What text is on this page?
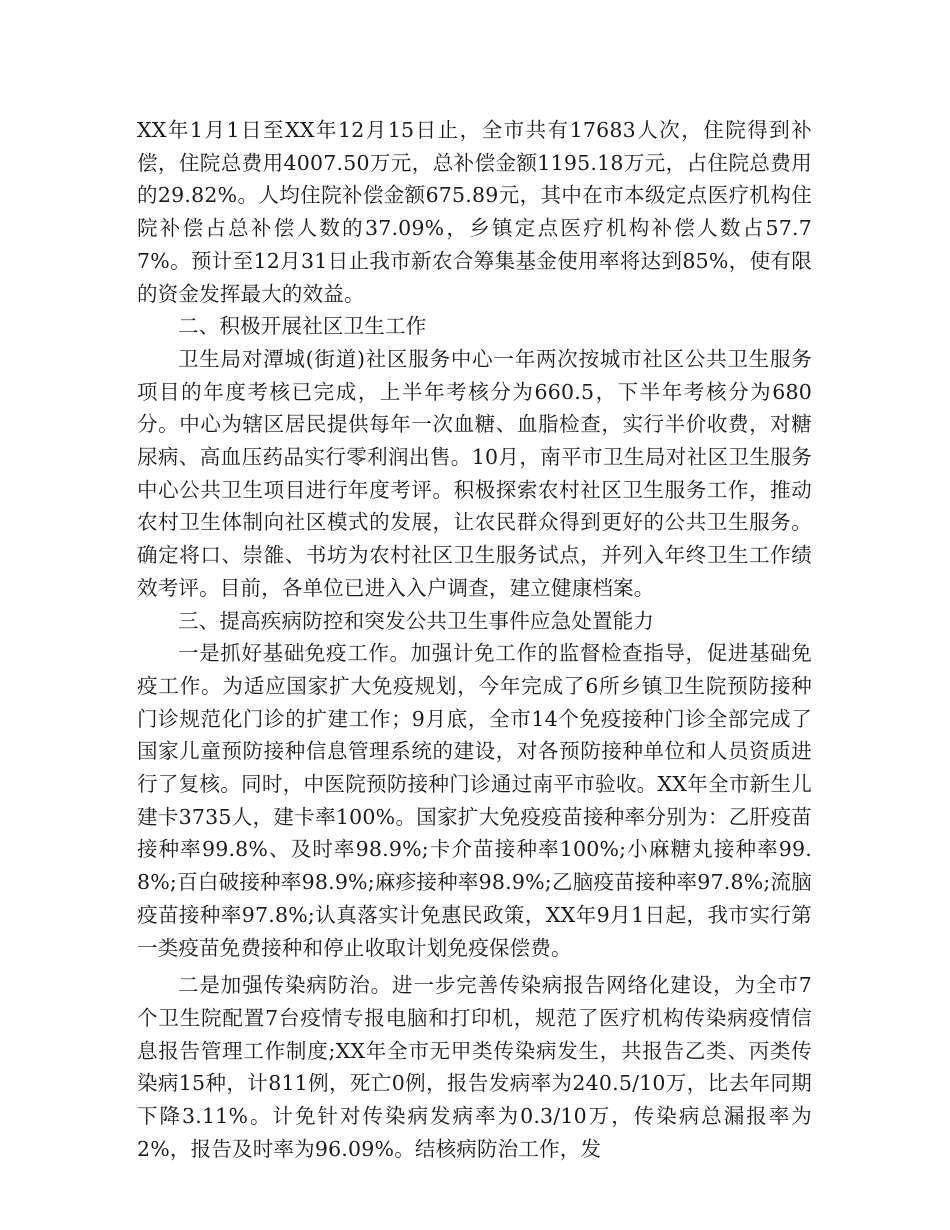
XX年1月1日至XX年12月15日止，全市共有17683人次，住院得到补偿，住院总费用4007.50万元，总补偿金额1195.18万元，占住院总费用的29.82%。人均住院补偿金额675.89元，其中在市本级定点医疗机构住院补偿占总补偿人数的37.09%，乡镇定点医疗机构补偿人数占57.77%。预计至12月31日止我市新农合筹集基金使用率将达到85%，使有限的资金发挥最大的效益。

二、积极开展社区卫生工作

卫生局对潭城(街道)社区服务中心一年两次按城市社区公共卫生服务项目的年度考核已完成，上半年考核分为660.5，下半年考核分为680分。中心为辖区居民提供每年一次血糖、血脂检查，实行半价收费，对糖尿病、高血压药品实行零利润出售。10月，南平市卫生局对社区卫生服务中心公共卫生项目进行年度考评。积极探索农村社区卫生服务工作，推动农村卫生体制向社区模式的发展，让农民群众得到更好的公共卫生服务。确定将口、崇雒、书坊为农村社区卫生服务试点，并列入年终卫生工作绩效考评。目前，各单位已进入入户调查，建立健康档案。

三、提高疾病防控和突发公共卫生事件应急处置能力

一是抓好基础免疫工作。加强计免工作的监督检查指导，促进基础免疫工作。为适应国家扩大免疫规划，今年完成了6所乡镇卫生院预防接种门诊规范化门诊的扩建工作；9月底，全市14个免疫接种门诊全部完成了国家儿童预防接种信息管理系统的建设，对各预防接种单位和人员资质进行了复核。同时，中医院预防接种门诊通过南平市验收。XX年全市新生儿建卡3735人，建卡率100%。国家扩大免疫疫苗接种率分别为：乙肝疫苗接种率99.8%、及时率98.9%;卡介苗接种率100%;小麻糖丸接种率99.8%;百白破接种率98.9%;麻疹接种率98.9%;乙脑疫苗接种率97.8%;流脑疫苗接种率97.8%;认真落实计免惠民政策，XX年9月1日起，我市实行第一类疫苗免费接种和停止收取计划免疫保偿费。

二是加强传染病防治。进一步完善传染病报告网络化建设，为全市7个卫生院配置7台疫情专报电脑和打印机，规范了医疗机构传染病疫情信息报告管理工作制度;XX年全市无甲类传染病发生，共报告乙类、丙类传染病15种，计811例，死亡0例，报告发病率为240.5/10万，比去年同期下降3.11%。计免针对传染病发病率为0.3/10万，传染病总漏报率为2%，报告及时率为96.09%。结核病防治工作，发
